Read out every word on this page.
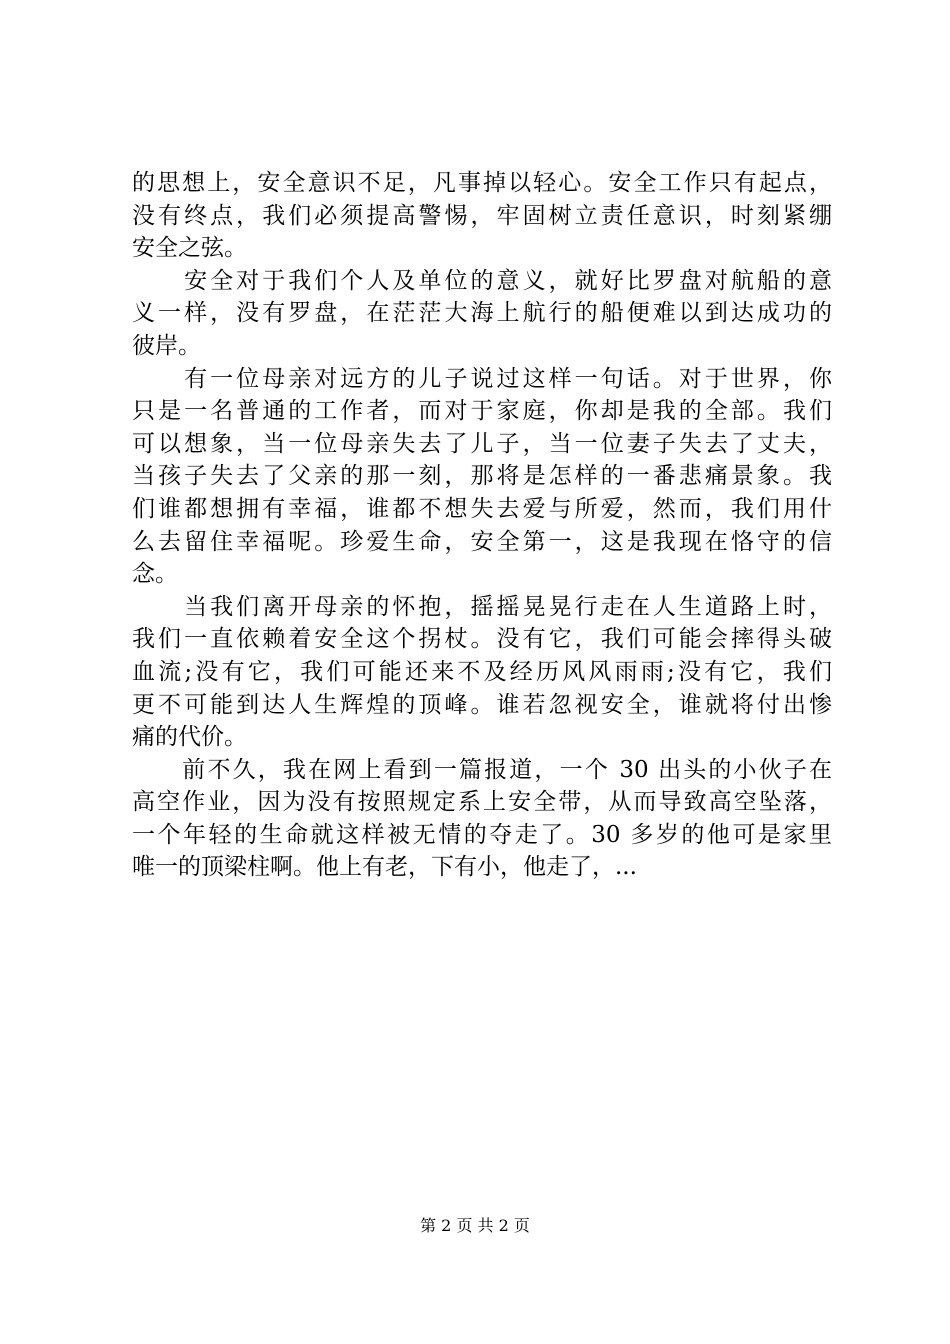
的思想上，安全意识不足，凡事掉以轻心。安全工作只有起点，
没有终点，我们必须提高警惕，牢固树立责任意识，时刻紧绷
安全之弦。
　　安全对于我们个人及单位的意义，就好比罗盘对航船的意
义一样，没有罗盘，在茫茫大海上航行的船便难以到达成功的
彼岸。
　　有一位母亲对远方的儿子说过这样一句话。对于世界，你
只是一名普通的工作者，而对于家庭，你却是我的全部。我们
可以想象，当一位母亲失去了儿子，当一位妻子失去了丈夫，
当孩子失去了父亲的那一刻，那将是怎样的一番悲痛景象。我
们谁都想拥有幸福，谁都不想失去爱与所爱，然而，我们用什
么去留住幸福呢。珍爱生命，安全第一，这是我现在恪守的信
念。
　　当我们离开母亲的怀抱，摇摇晃晃行走在人生道路上时，
我们一直依赖着安全这个拐杖。没有它，我们可能会摔得头破
血流;没有它，我们可能还来不及经历风风雨雨;没有它，我们
更不可能到达人生辉煌的顶峰。谁若忽视安全，谁就将付出惨
痛的代价。
　　前不久，我在网上看到一篇报道，一个 30 出头的小伙子在
高空作业，因为没有按照规定系上安全带，从而导致高空坠落，
一个年轻的生命就这样被无情的夺走了。30 多岁的他可是家里
唯一的顶梁柱啊。他上有老，下有小，他走了，...
第 2 页 共 2 页
